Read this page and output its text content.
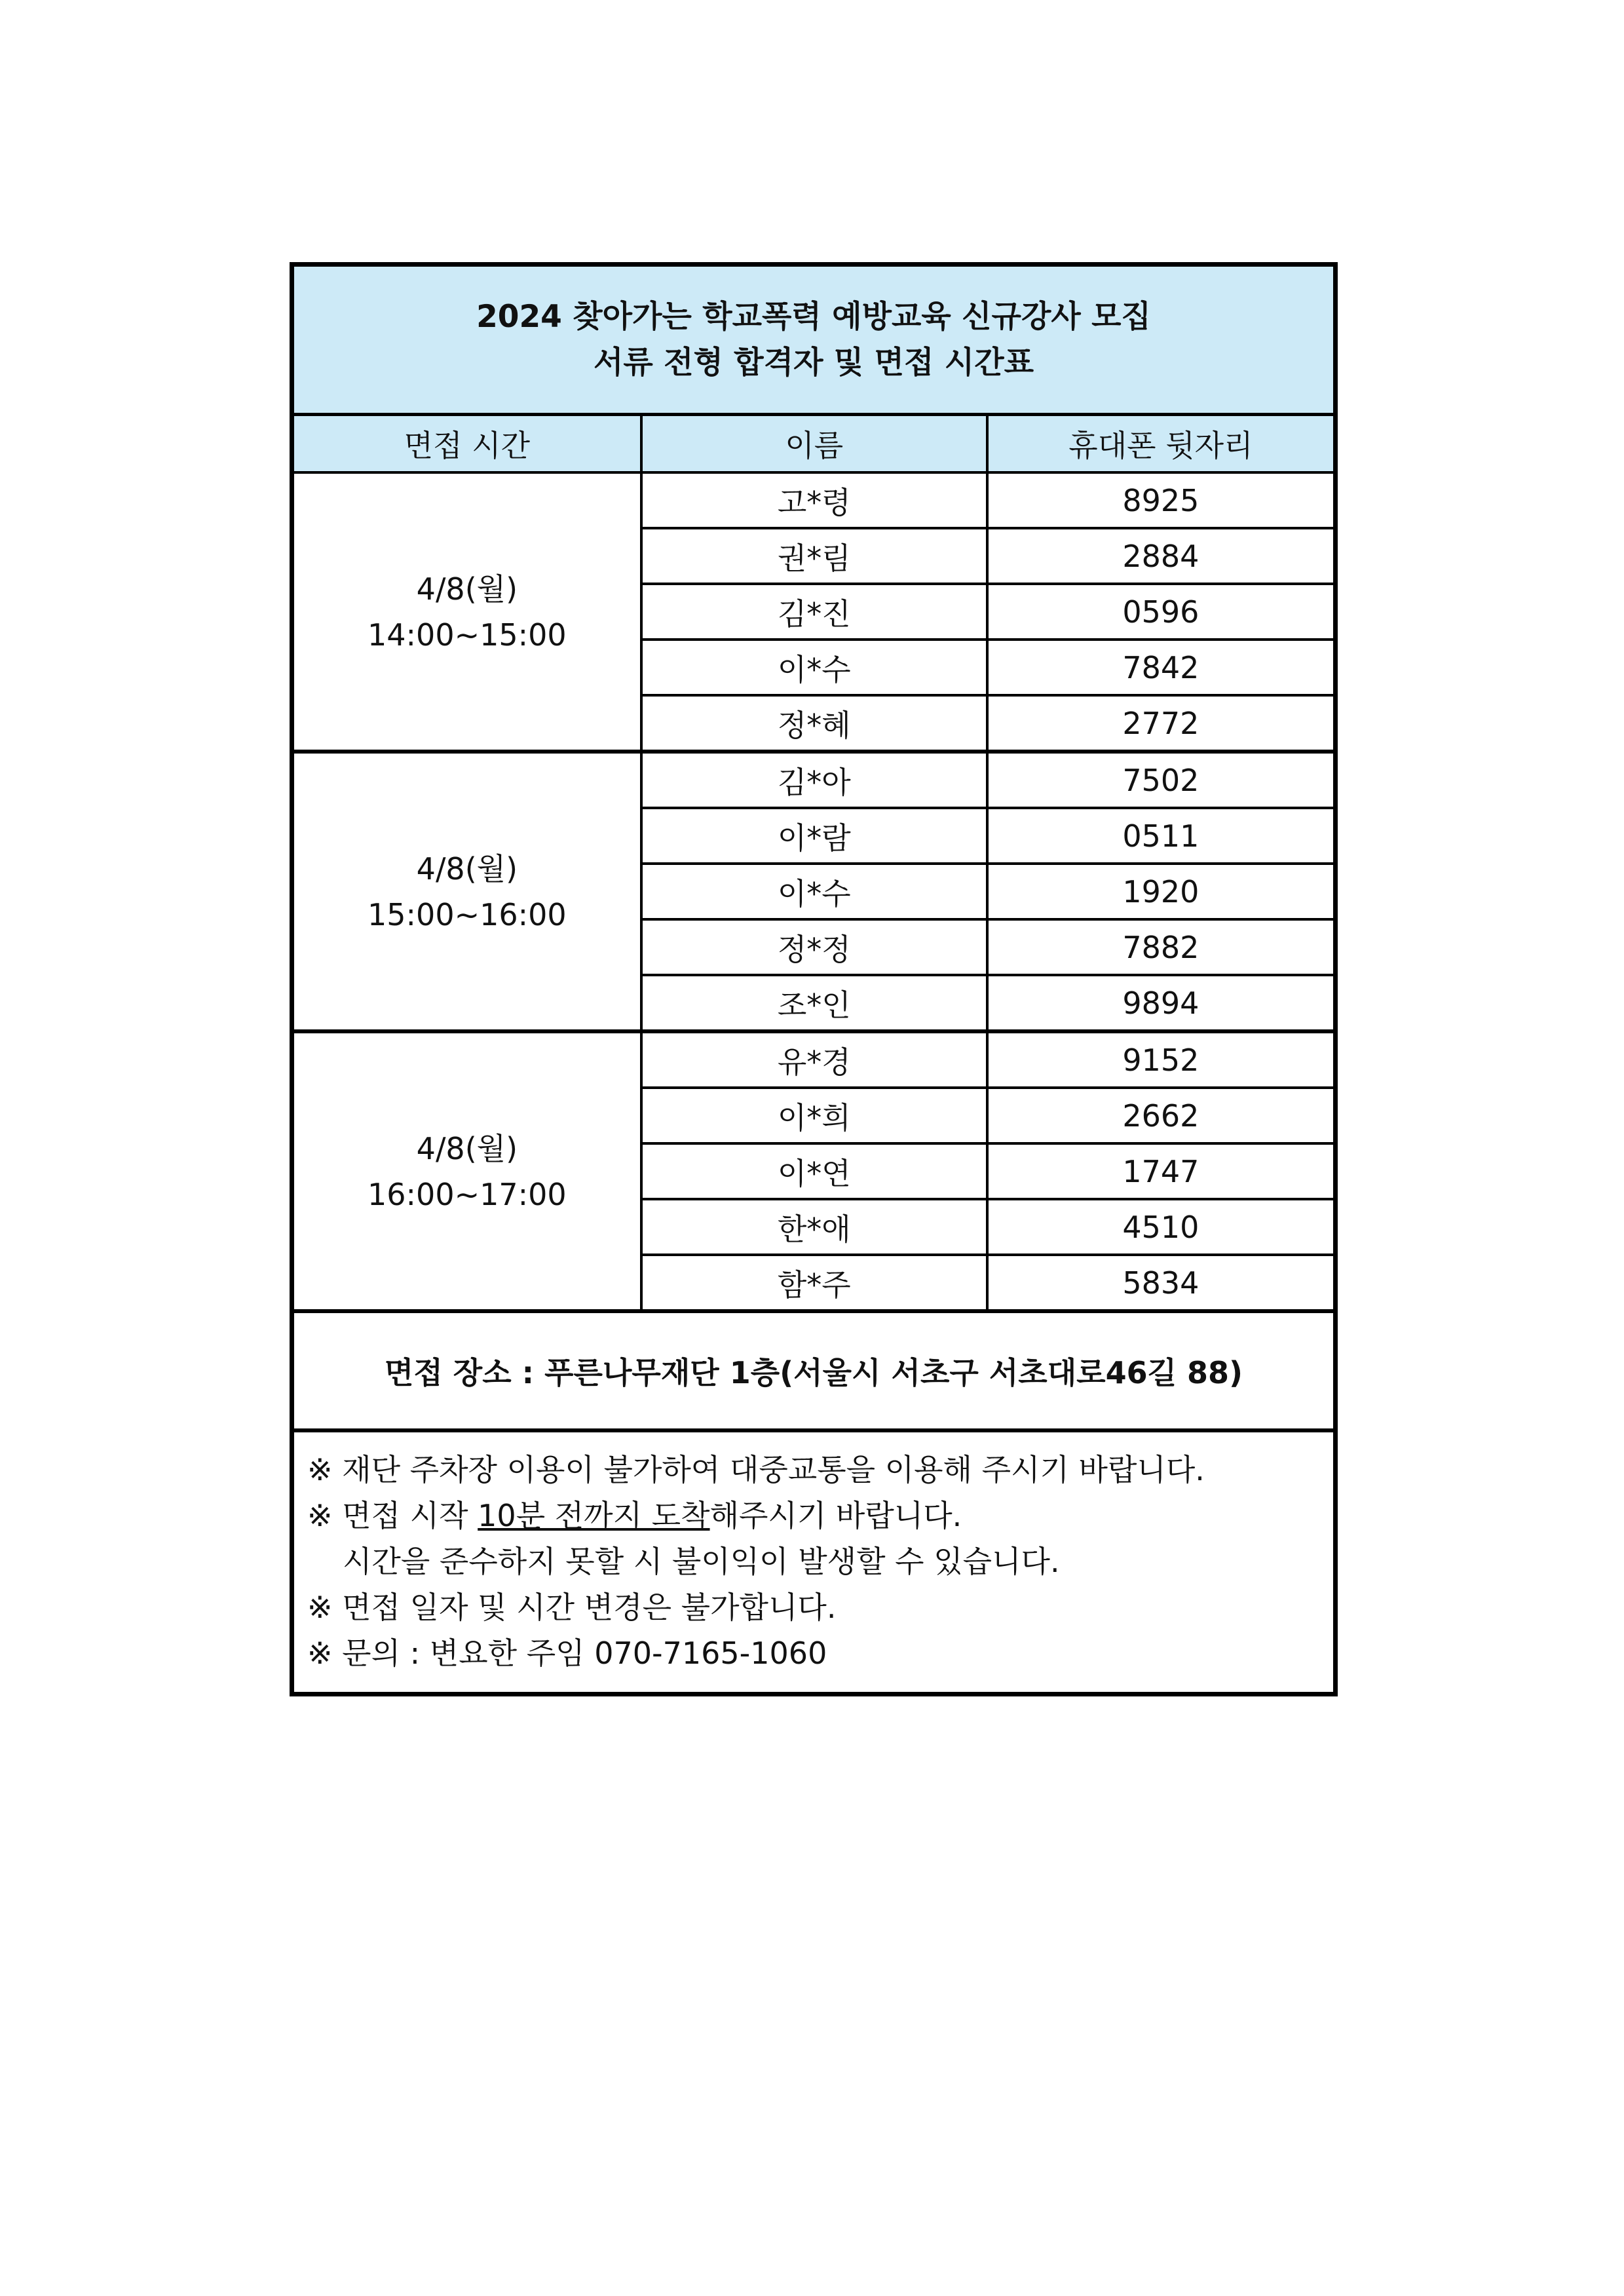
2024 찾아가는 학교폭력 예방교육 신규강사 모집
서류 전형 합격자 및 면접 시간표
면접 시간	이름	휴대폰 뒷자리

4/8(월)
14:00~15:00	고*령	8925
	권*림	2884
	김*진	0596
	이*수	7842
	정*혜	2772

4/8(월)
15:00~16:00	김*아	7502
	이*람	0511
	이*수	1920
	정*정	7882
	조*인	9894

4/8(월)
16:00~17:00	유*경	9152
	이*희	2662
	이*연	1747
	한*애	4510
	함*주	5834
면접 장소 : 푸른나무재단 1층(서울시 서초구 서초대로46길 88)
※ 재단 주차장 이용이 불가하여 대중교통을 이용해 주시기 바랍니다.
※ 면접 시작 10분 전까지 도착해주시기 바랍니다.
시간을 준수하지 못할 시 불이익이 발생할 수 있습니다.
※ 면접 일자 및 시간 변경은 불가합니다.
※ 문의 : 변요한 주임 070-7165-1060
